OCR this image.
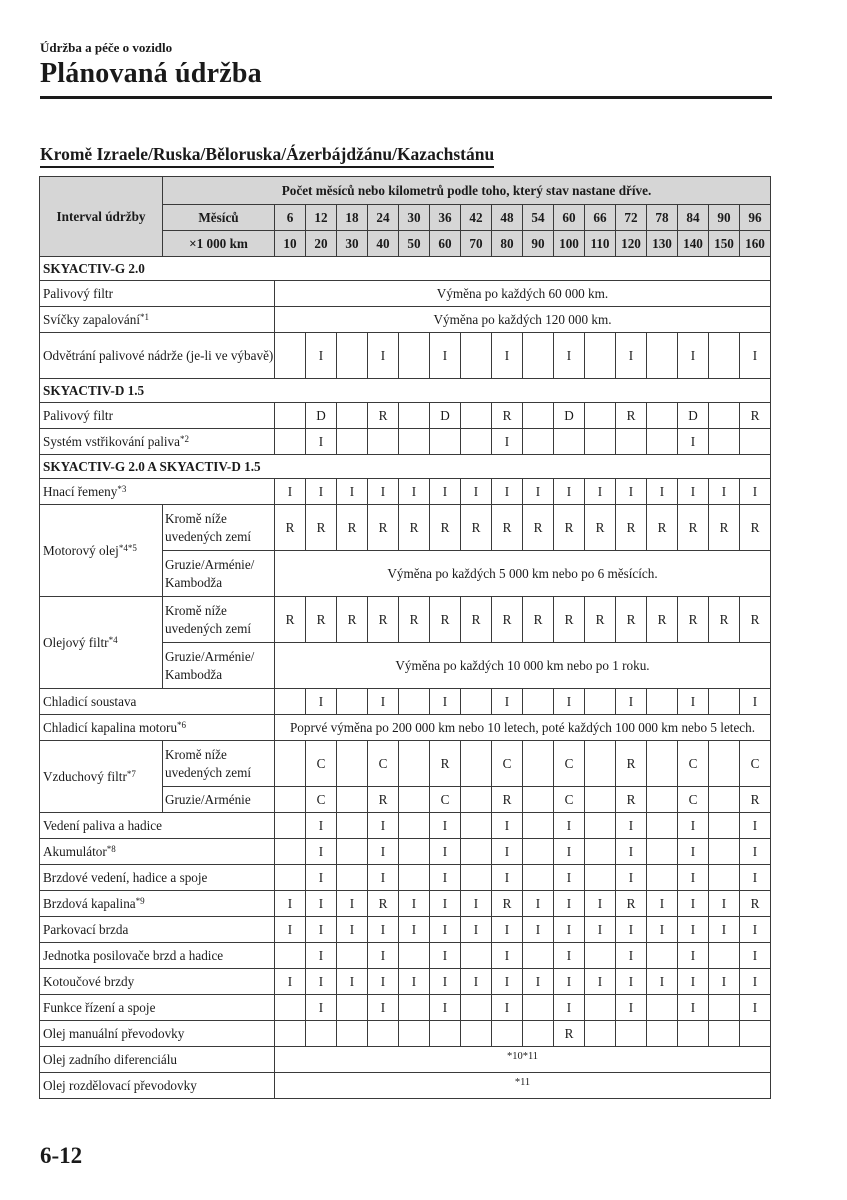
Údržba a péče o vozidlo
Plánovaná údržba
Kromě Izraele/Ruska/Běloruska/Ázerbájdžánu/Kazachstánu
Interval údržby	Počet měsíců nebo kilometrů podle toho, který stav nastane dříve.																
	Měsíců	6	12	18	24	30	36	42	48	54	60	66	72	78	84	90	96
	×1 000 km	10	20	30	40	50	60	70	80	90	100	110	120	130	140	150	160
SKYACTIV-G 2.0																	
Palivový filtr		Výměna po každých 60 000 km.															
Svíčky zapalování$^{*1}$		Výměna po každých 120 000 km.															
Odvětrání palivové nádrže (je-li ve výbavě)			I		I		I		I		I		I		I		I
SKYACTIV-D 1.5																	
Palivový filtr			D		R		D		R		D		R		D		R
Systém vstřikování paliva$^{*2}$			I						I						I		
SKYACTIV-G 2.0 A SKYACTIV-D 1.5																	
Hnací řemeny$^{*3}$		I	I	I	I	I	I	I	I	I	I	I	I	I	I	I	I
Motorový olej$^{*4*5}$	Kromě níže uvedených zemí	R	R	R	R	R	R	R	R	R	R	R	R	R	R	R	R
	Gruzie/Arménie/ Kambodža	Výměna po každých 5 000 km nebo po 6 měsících.															
Olejový filtr$^{*4}$	Kromě níže uvedených zemí	R	R	R	R	R	R	R	R	R	R	R	R	R	R	R	R
	Gruzie/Arménie/ Kambodža	Výměna po každých 10 000 km nebo po 1 roku.															
Chladicí soustava			I		I		I		I		I		I		I		I
Chladicí kapalina motoru$^{*6}$		Poprvé výměna po 200 000 km nebo 10 letech, poté každých 100 000 km nebo 5 letech.															
Vzduchový filtr$^{*7}$	Kromě níže uvedených zemí		C		C		R		C		C		R		C		C
	Gruzie/Arménie		C		R		C		R		C		R		C		R
Vedení paliva a hadice			I		I		I		I		I		I		I		I
Akumulátor$^{*8}$			I		I		I		I		I		I		I		I
Brzdové vedení, hadice a spoje			I		I		I		I		I		I		I		I
Brzdová kapalina$^{*9}$		I	I	I	R	I	I	I	R	I	I	I	R	I	I	I	R
Parkovací brzda		I	I	I	I	I	I	I	I	I	I	I	I	I	I	I	I
Jednotka posilovače brzd a hadice			I		I		I		I		I		I		I		I
Kotoučové brzdy		I	I	I	I	I	I	I	I	I	I	I	I	I	I	I	I
Funkce řízení a spoje			I		I		I		I		I		I		I		I
Olej manuální převodovky											R						
Olej zadního diferenciálu		$^{*10*11}$
Olej rozdělovací převodovky		$^{*11}$
6-12
